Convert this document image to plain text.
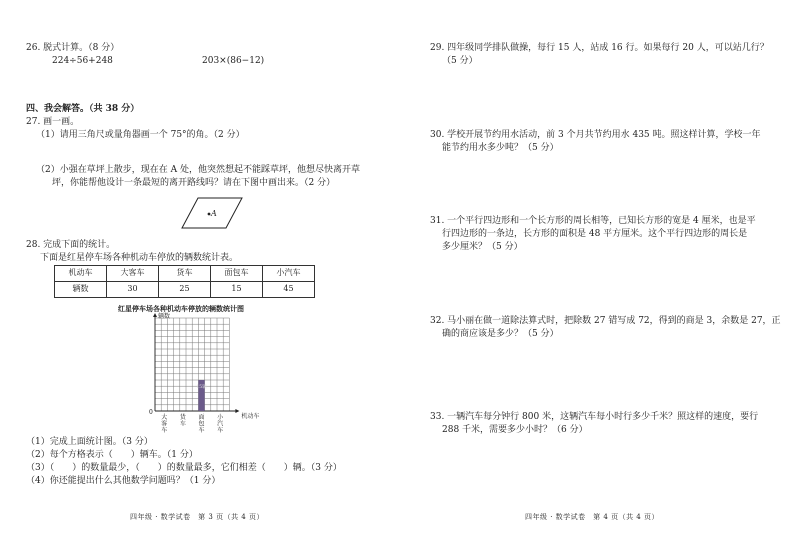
26. 脱式计算。（8 分）
224÷56+248	203×(86−12)
四、我会解答。（共 38 分）
27. 画一画。
（1）请用三角尺或量角器画一个 75°的角。（2 分）
（2）小强在草坪上散步，现在在 A 处，他突然想起不能踩草坪，他想尽快离开草
坪，你能帮他设计一条最短的离开路线吗？请在下图中画出来。（2 分）
A
28. 完成下面的统计。
下面是红星停车场各种机动车停放的辆数统计表。
机动车	大客车	货车	面包车	小汽车
辆数	30	25	15	45
红星停车场各种机动车停放的辆数统计图
辆数
0
机动车
大
客
车
货
车
面
包
车
15辆
小
汽
车
（1）完成上面统计图。（3 分）
（2）每个方格表示（　　）辆车。（1 分）
（3）（　　）的数量最少，（　　）的数量最多，它们相差（　　）辆。（3 分）
（4）你还能提出什么其他数学问题吗？（1 分）
四年级 · 数学试卷　第 3 页（共 4 页）
29. 四年级同学排队做操，每行 15 人，站成 16 行。如果每行 20 人，可以站几行？
（5 分）
30. 学校开展节约用水活动，前 3 个月共节约用水 435 吨。照这样计算，学校一年
能节约用水多少吨？（5 分）
31. 一个平行四边形和一个长方形的周长相等，已知长方形的宽是 4 厘米，也是平
行四边形的一条边，长方形的面积是 48 平方厘米。这个平行四边形的周长是
多少厘米？（5 分）
32. 马小丽在做一道除法算式时，把除数 27 错写成 72，得到的商是 3，余数是 27，正
确的商应该是多少？（5 分）
33. 一辆汽车每分钟行 800 米，这辆汽车每小时行多少千米？照这样的速度，要行
288 千米，需要多少小时？（6 分）
四年级 · 数学试卷　第 4 页（共 4 页）
